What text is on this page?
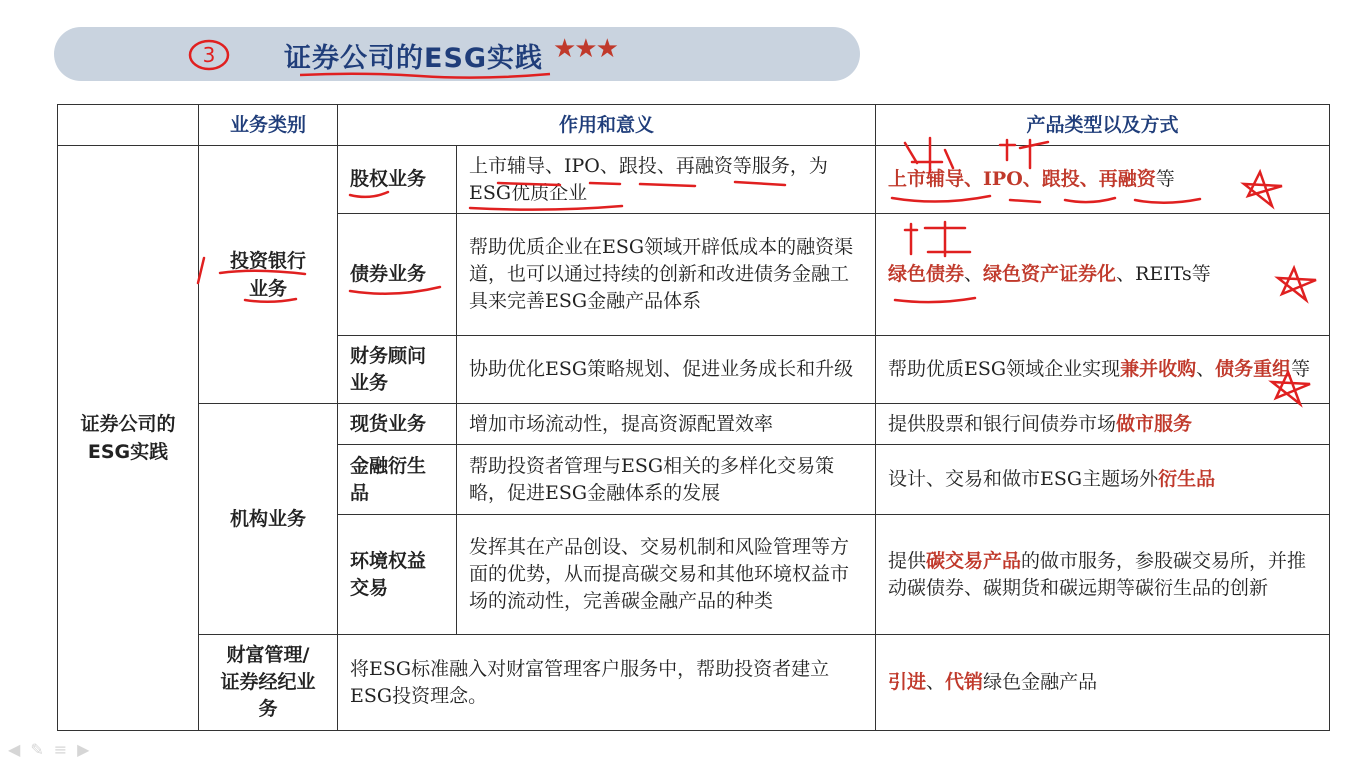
3	证券公司的ESG实践 ★★★
	业务类别	作用和意义		产品类型以及方式

证券公司的ESG实践	投资银行业务	股权业务	上市辅导、IPO、跟投、再融资等服务，为ESG优质企业	上市辅导、IPO、跟投、再融资等
		债券业务	帮助优质企业在ESG领域开辟低成本的融资渠道，也可以通过持续的创新和改进债务金融工具来完善ESG金融产品体系	绿色债券、绿色资产证券化、REITs等
		财务顾问业务	协助优化ESG策略规划、促进业务成长和升级	帮助优质ESG领域企业实现兼并收购、债务重组等
	机构业务	现货业务	增加市场流动性，提高资源配置效率	提供股票和银行间债券市场做市服务
		金融衍生品	帮助投资者管理与ESG相关的多样化交易策略，促进ESG金融体系的发展	设计、交易和做市ESG主题场外衍生品
		环境权益交易	发挥其在产品创设、交易机制和风险管理等方面的优势，从而提高碳交易和其他环境权益市场的流动性，完善碳金融产品的种类	提供碳交易产品的做市服务，参股碳交易所，并推动碳债券、碳期货和碳远期等碳衍生品的创新

	财富管理/证券经纪业务	将ESG标准融入对财富管理客户服务中，帮助投资者建立ESG投资理念。		引进、代销绿色金融产品
◀ ✎ ≡ ▶
